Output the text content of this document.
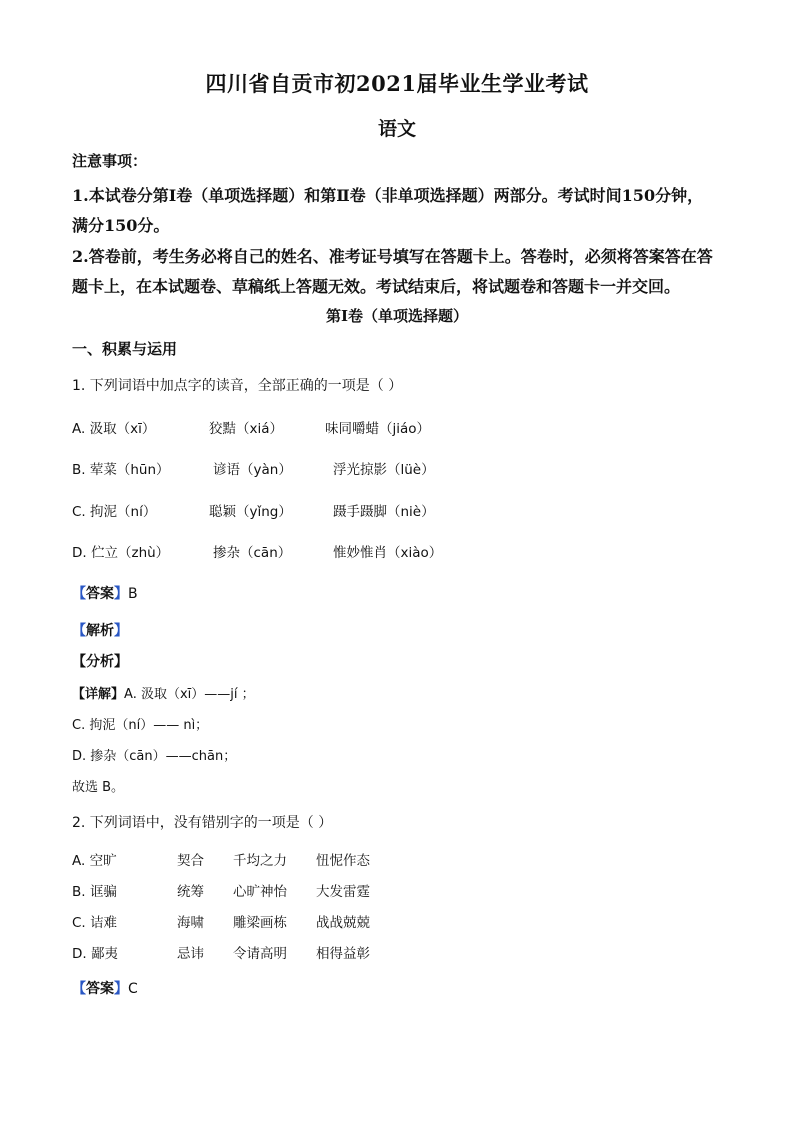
四川省自贡市初2021届毕业生学业考试
语文
注意事项：
1.本试卷分第Ⅰ卷（单项选择题）和第Ⅱ卷（非单项选择题）两部分。考试时间150分钟，
满分150分。
2.答卷前，考生务必将自己的姓名、准考证号填写在答题卡上。答卷时，必须将答案答在答
题卡上，在本试题卷、草稿纸上答题无效。考试结束后，将试题卷和答题卡一并交回。
第Ⅰ卷（单项选择题）
一、积累与运用
1. 下列词语中加点字的读音，全部正确的一项是（ ）
A. 汲取（xī）	狡黠（xiá）	味同嚼蜡（jiáo）
B. 荤菜（hūn）	谚语（yàn）	浮光掠影（lüè）
C. 拘泥（ní）	聪颖（yǐng）	蹑手蹑脚（niè）
D. 伫立（zhù）	掺杂（cān）	惟妙惟肖（xiào）
【答案】B
【解析】
【分析】
【详解】A. 汲取（xī）——jí ；
C. 拘泥（ní）—— nì；
D. 掺杂（cān）——chān；
故选 B。
2. 下列词语中，没有错别字的一项是（ ）
A. 空旷	契合 千均之力 忸怩作态
B. 诓骗	统筹 心旷神怡 大发雷霆
C. 诘难	海啸 雕梁画栋 战战兢兢
D. 鄙夷	忌讳 令请高明 相得益彰
【答案】C
